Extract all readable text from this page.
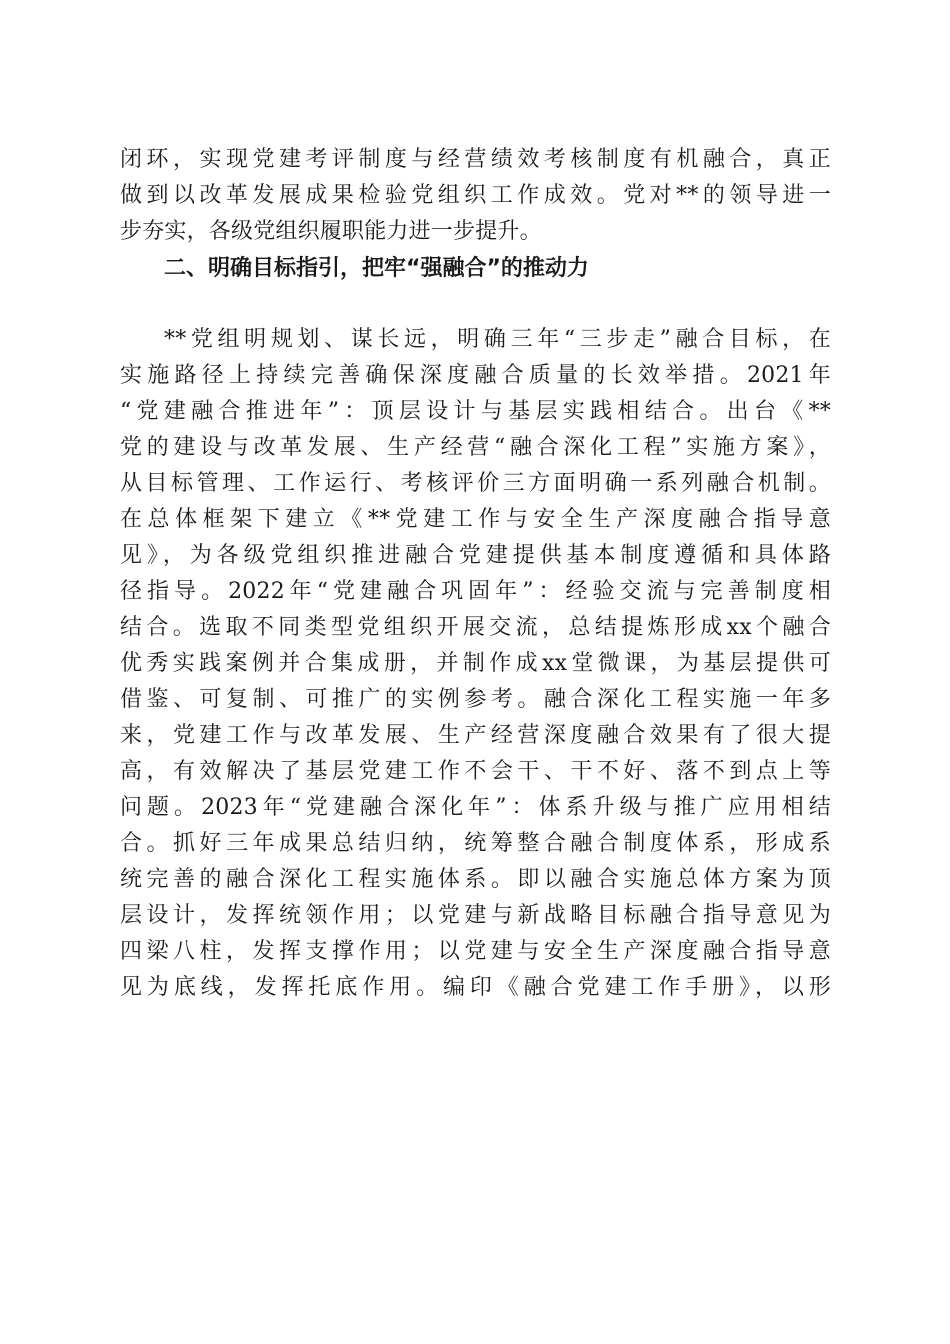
闭环，实现党建考评制度与经营绩效考核制度有机融合，真正
做到以改革发展成果检验党组织工作成效。党对**的领导进一
步夯实，各级党组织履职能力进一步提升。
二、明确目标指引，把牢“强融合”的推动力
**党组明规划、谋长远，明确三年“三步走”融合目标，在
实施路径上持续完善确保深度融合质量的长效举措。2021年
“党建融合推进年”：顶层设计与基层实践相结合。出台《**
党的建设与改革发展、生产经营“融合深化工程”实施方案》，
从目标管理、工作运行、考核评价三方面明确一系列融合机制。
在总体框架下建立《**党建工作与安全生产深度融合指导意
见》，为各级党组织推进融合党建提供基本制度遵循和具体路
径指导。2022年“党建融合巩固年”：经验交流与完善制度相
结合。选取不同类型党组织开展交流，总结提炼形成xx个融合
优秀实践案例并合集成册，并制作成xx堂微课，为基层提供可
借鉴、可复制、可推广的实例参考。融合深化工程实施一年多
来，党建工作与改革发展、生产经营深度融合效果有了很大提
高，有效解决了基层党建工作不会干、干不好、落不到点上等
问题。2023年“党建融合深化年”：体系升级与推广应用相结
合。抓好三年成果总结归纳，统筹整合融合制度体系，形成系
统完善的融合深化工程实施体系。即以融合实施总体方案为顶
层设计，发挥统领作用；以党建与新战略目标融合指导意见为
四梁八柱，发挥支撑作用；以党建与安全生产深度融合指导意
见为底线，发挥托底作用。编印《融合党建工作手册》，以形
